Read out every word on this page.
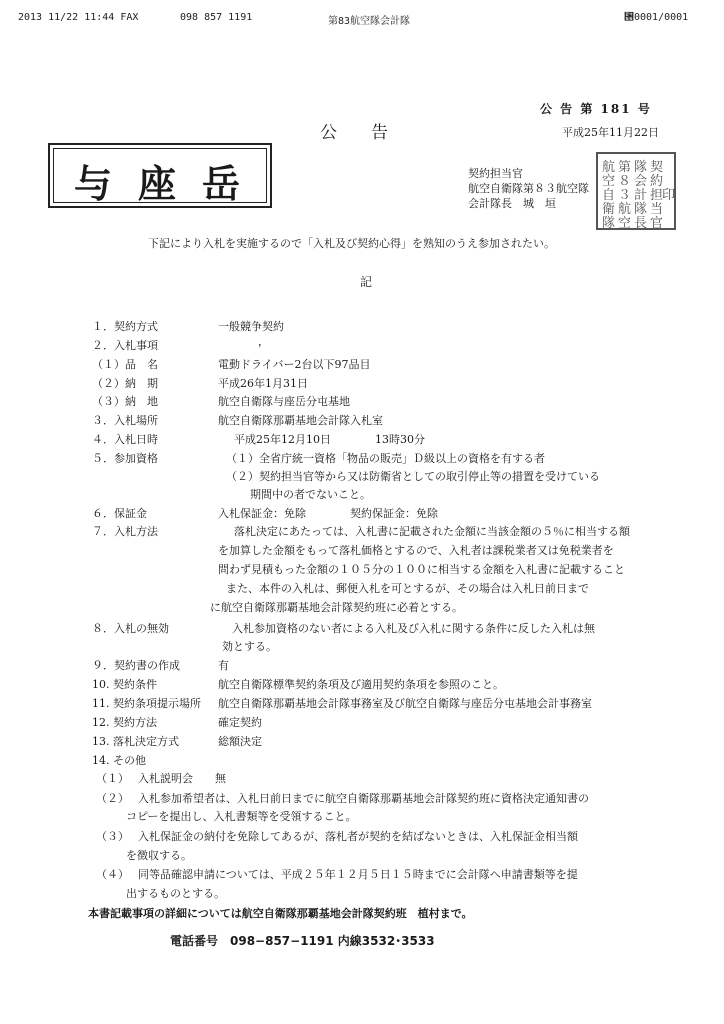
2013 11/22 11:44 FAX	098 857 1191	第83航空隊会計隊	⑕0001/0001
公 告 第 181 号
公　　告	平成25年11月22日
与座岳	契約担当官
航空自衛隊第８３航空隊
会計隊長　城　垣
航
空
自
衛
隊
第
８
３
航
空
隊
会
計
隊
長
契
約
担
当
官
印
下記により入札を実施するので「入札及び契約心得」を熟知のうえ参加されたい。
記
１．契約方式	一般競争契約
２．入札事項	，
（１）品　名	電動ドライバー2台以下97品目
（２）納　期	平成26年1月31日
（３）納　地	航空自衛隊与座岳分屯基地
３．入札場所	航空自衛隊那覇基地会計隊入札室
４．入札日時	平成25年12月10日　　　　13時30分
５．参加資格	（１）全省庁統一資格「物品の販売」Ｄ級以上の資格を有する者
（２）契約担当官等から又は防衛省としての取引停止等の措置を受けている
期間中の者でないこと。
６．保証金	入札保証金：免除　　　　契約保証金：免除
７．入札方法	落札決定にあたっては、入札書に記載された金額に当該金額の５％に相当する額
を加算した金額をもって落札価格とするので、入札者は課税業者又は免税業者を
問わず見積もった金額の１０５分の１００に相当する金額を入札書に記載すること
また、本件の入札は、郵便入札を可とするが、その場合は入札日前日まで
に航空自衛隊那覇基地会計隊契約班に必着とする。
８．入札の無効	入札参加資格のない者による入札及び入札に関する条件に反した入札は無
効とする。
９．契約書の作成	有
10. 契約条件	航空自衛隊標準契約条項及び適用契約条項を参照のこと。
11. 契約条項提示場所 航空自衛隊那覇基地会計隊事務室及び航空自衛隊与座岳分屯基地会計事務室
12. 契約方法	確定契約
13. 落札決定方式	総額決定
14. その他
（１） 入札説明会　　無
（２） 入札参加希望者は、入札日前日までに航空自衛隊那覇基地会計隊契約班に資格決定通知書の
コピーを提出し、入札書類等を受領すること。
（３） 入札保証金の納付を免除してあるが、落札者が契約を結ばないときは、入札保証金相当額
を徴収する。
（４） 同等品確認申請については、平成２５年１２月５日１５時までに会計隊へ申請書類等を提
出するものとする。
本書記載事項の詳細については航空自衛隊那覇基地会計隊契約班　植村まで。
電話番号　098−857−1191 内線3532･3533
